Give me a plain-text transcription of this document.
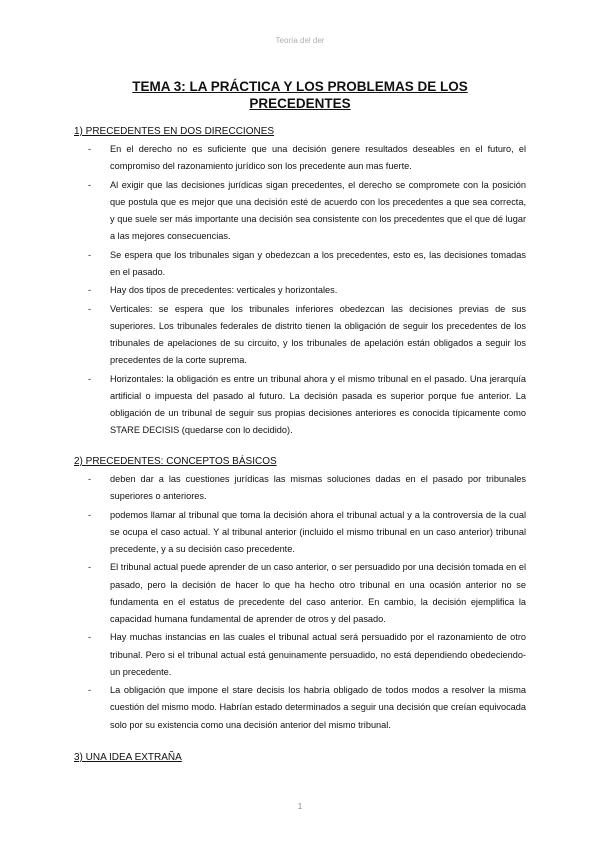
Teoría del der
TEMA 3: LA PRÁCTICA Y LOS PROBLEMAS DE LOS PRECEDENTES
1) PRECEDENTES EN DOS DIRECCIONES
- En el derecho no es suficiente que una decisión genere resultados deseables en el futuro, el compromiso del razonamiento jurídico son los precedente aun mas fuerte.
- Al exigir que las decisiones jurídicas sigan precedentes, el derecho se compromete con la posición que postula que es mejor que una decisión esté de acuerdo con los precedentes a que sea correcta, y que suele ser más importante una decisión sea consistente con los precedentes que el que dé lugar a las mejores consecuencias.
- Se espera que los tribunales sigan y obedezcan a los precedentes, esto es, las decisiones tomadas en el pasado.
- Hay dos tipos de precedentes: verticales y horizontales.
- Verticales: se espera que los tribunales inferiores obedezcan las decisiones previas de sus superiores. Los tribunales federales de distrito tienen la obligación de seguir los precedentes de los tribunales de apelaciones de su circuito, y los tribunales de apelación están obligados a seguir los precedentes de la corte suprema.
- Horizontales: la obligación es entre un tribunal ahora y el mismo tribunal en el pasado. Una jerarquía artificial o impuesta del pasado al futuro. La decisión pasada es superior porque fue anterior. La obligación de un tribunal de seguir sus propias decisiones anteriores es conocida típicamente como STARE DECISIS (quedarse con lo decidido).
2) PRECEDENTES: CONCEPTOS BÁSICOS
- deben dar a las cuestiones jurídicas las mismas soluciones dadas en el pasado por tribunales superiores o anteriores.
- podemos llamar al tribunal que toma la decisión ahora el tribunal actual y a la controversia de la cual se ocupa el caso actual. Y al tribunal anterior (incluido el mismo tribunal en un caso anterior) tribunal precedente, y a su decisión caso precedente.
- El tribunal actual puede aprender de un caso anterior, o ser persuadido por una decisión tomada en el pasado, pero la decisión de hacer lo que ha hecho otro tribunal en una ocasión anterior no se fundamenta en el estatus de precedente del caso anterior. En cambio, la decisión ejemplifica la capacidad humana fundamental de aprender de otros y del pasado.
- Hay muchas instancias en las cuales el tribunal actual será persuadido por el razonamiento de otro tribunal. Pero si el tribunal actual está genuinamente persuadido, no está dependiendo obedeciendo- un precedente.
- La obligación que impone el stare decisis los habría obligado de todos modos a resolver la misma cuestión del mismo modo. Habrían estado determinados a seguir una decisión que creían equivocada solo por su existencia como una decisión anterior del mismo tribunal.
3) UNA IDEA EXTRAÑA
1
